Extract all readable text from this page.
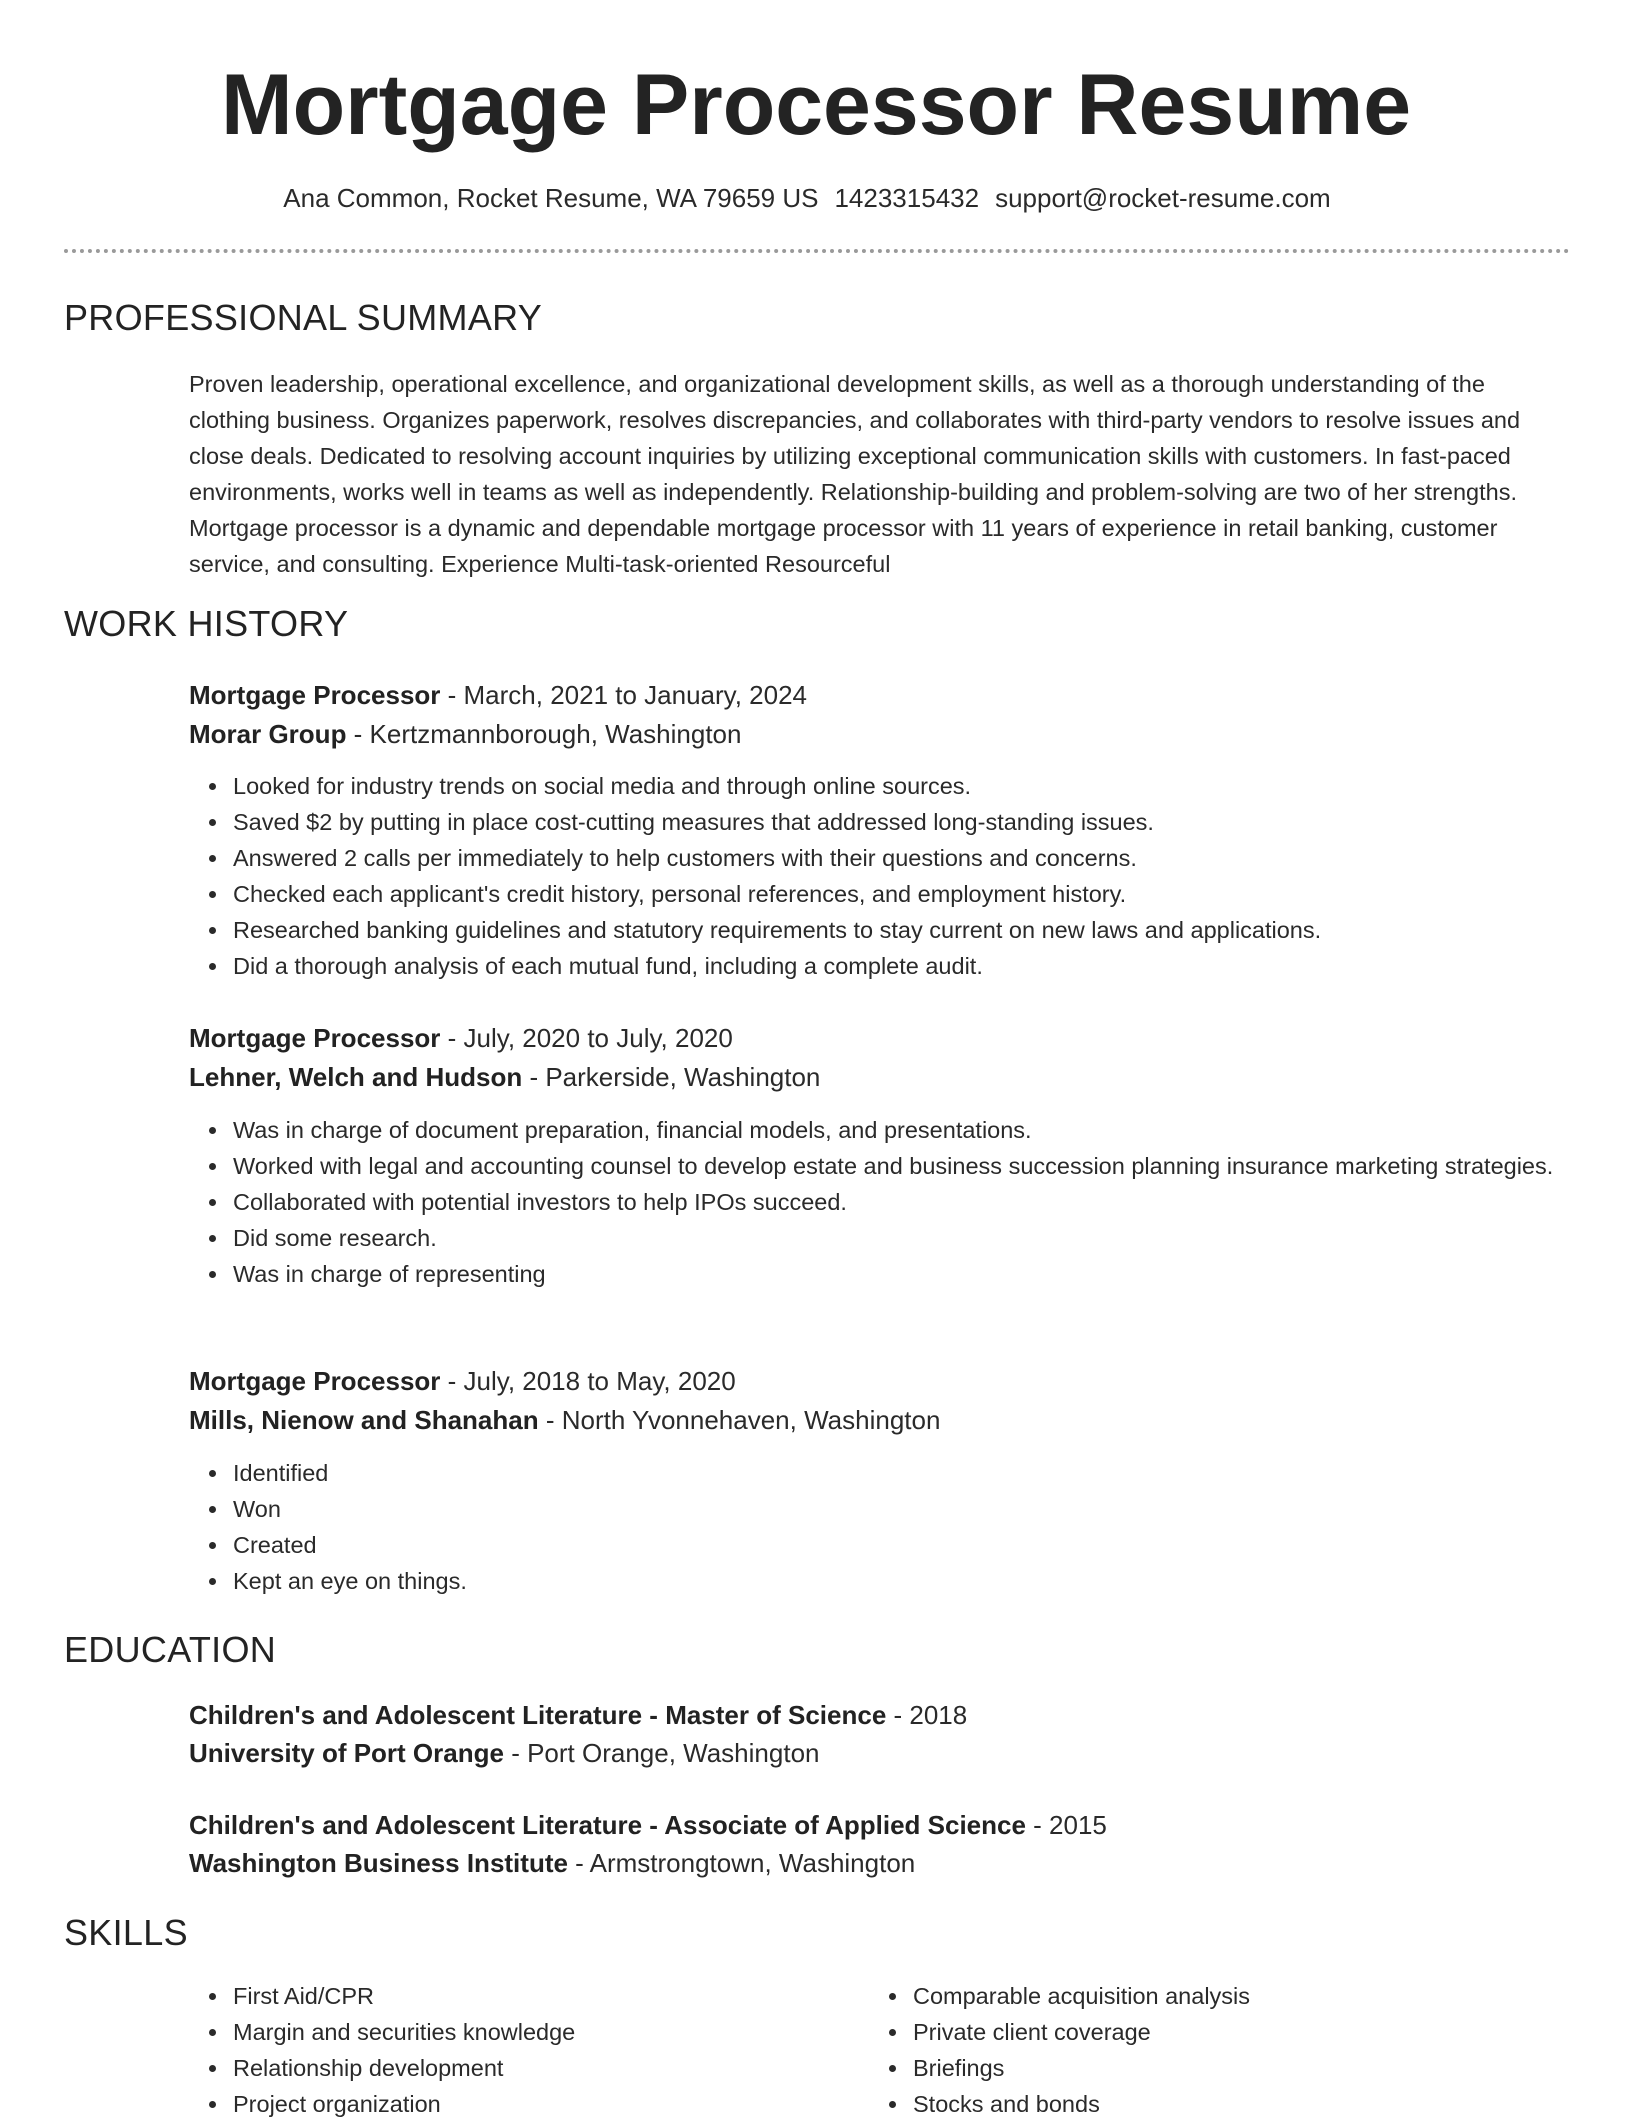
Mortgage Processor Resume
Ana Common, Rocket Resume, WA 79659 US 1423315432 support@rocket-resume.com
PROFESSIONAL SUMMARY

Proven leadership, operational excellence, and organizational development skills, as well as a thorough understanding of the clothing business. Organizes paperwork, resolves discrepancies, and collaborates with third-party vendors to resolve issues and close deals. Dedicated to resolving account inquiries by utilizing exceptional communication skills with customers. In fast-paced environments, works well in teams as well as independently. Relationship-building and problem-solving are two of her strengths. Mortgage processor is a dynamic and dependable mortgage processor with 11 years of experience in retail banking, customer service, and consulting. Experience Multi-task-oriented Resourceful

WORK HISTORY

Mortgage Processor - March, 2021 to January, 2024

Morar Group - Kertzmannborough, Washington

Looked for industry trends on social media and through online sources.
Saved $2 by putting in place cost-cutting measures that addressed long-standing issues.
Answered 2 calls per immediately to help customers with their questions and concerns.
Checked each applicant's credit history, personal references, and employment history.
Researched banking guidelines and statutory requirements to stay current on new laws and applications.
Did a thorough analysis of each mutual fund, including a complete audit.

Mortgage Processor - July, 2020 to July, 2020

Lehner, Welch and Hudson - Parkerside, Washington

Was in charge of document preparation, financial models, and presentations.
Worked with legal and accounting counsel to develop estate and business succession planning insurance marketing strategies.
Collaborated with potential investors to help IPOs succeed.
Did some research.
Was in charge of representing

Mortgage Processor - July, 2018 to May, 2020

Mills, Nienow and Shanahan - North Yvonnehaven, Washington

Identified
Won
Created
Kept an eye on things.
EDUCATION

Children's and Adolescent Literature - Master of Science - 2018

University of Port Orange - Port Orange, Washington

Children's and Adolescent Literature - Associate of Applied Science - 2015

Washington Business Institute - Armstrongtown, Washington

SKILLS
First Aid/CPR
Margin and securities knowledge
Relationship development
Project organization
Comparable acquisition analysis
Private client coverage
Briefings
Stocks and bonds
